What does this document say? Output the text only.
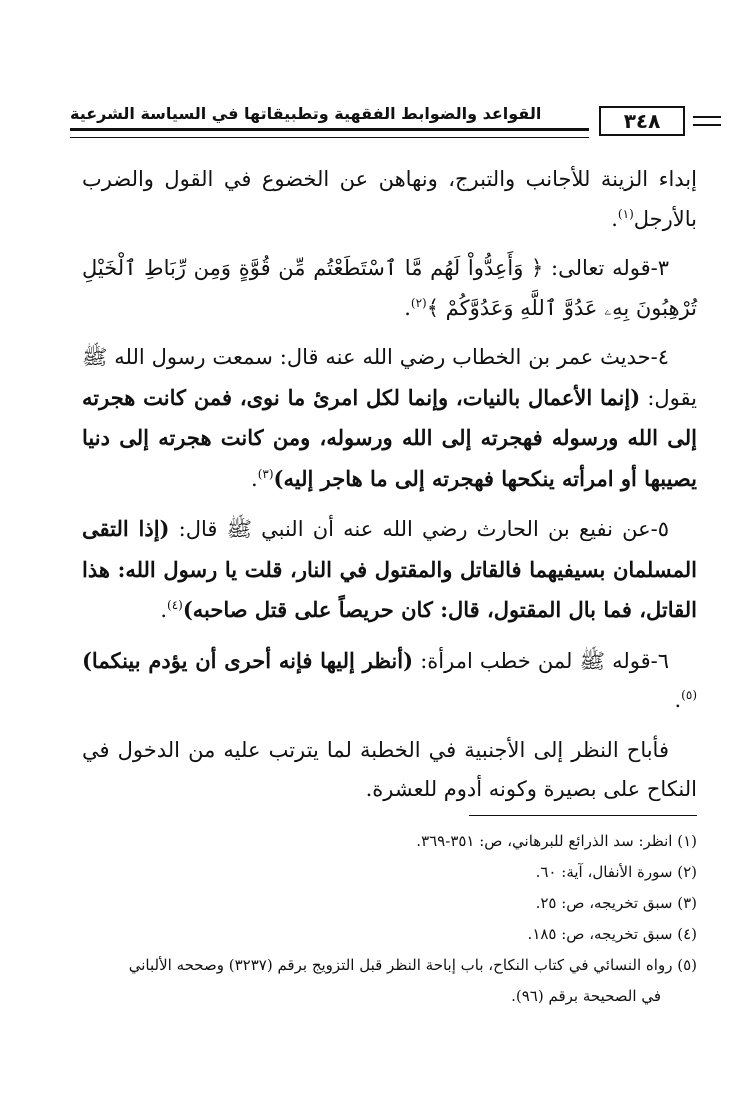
٣٤٨
القواعد والضوابط الفقهية وتطبيقاتها في السياسة الشرعية

إبداء الزينة للأجانب والتبرج، ونهاهن عن الخضوع في القول والضرب بالأرجل$^{(١)}$.

٣-قوله تعالى: ﴿ وَأَعِدُّواْ لَهُم مَّا ٱسْتَطَعْتُم مِّن قُوَّةٍ وَمِن رِّبَاطِ ٱلْخَيْلِ تُرْهِبُونَ بِهِۦ عَدُوَّ ٱللَّهِ وَعَدُوَّكُمْ ﴾$^{(٢)}$.

٤-حديث عمر بن الخطاب رضي الله عنه قال: سمعت رسول الله ﷺ يقول: (إنما الأعمال بالنيات، وإنما لكل امرئ ما نوى، فمن كانت هجرته إلى الله ورسوله فهجرته إلى الله ورسوله، ومن كانت هجرته إلى دنيا يصيبها أو امرأته ينكحها فهجرته إلى ما هاجر إليه)$^{(٣)}$.

٥-عن نفيع بن الحارث رضي الله عنه أن النبي ﷺ قال: (إذا التقى المسلمان بسيفيهما فالقاتل والمقتول في النار، قلت يا رسول الله: هذا القاتل، فما بال المقتول، قال: كان حريصاً على قتل صاحبه)$^{(٤)}$.

٦-قوله ﷺ لمن خطب امرأة: (أنظر إليها فإنه أحرى أن يؤدم بينكما)$^{(٥)}$.

فأباح النظر إلى الأجنبية في الخطبة لما يترتب عليه من الدخول في النكاح على بصيرة وكونه أدوم للعشرة.

(١) انظر: سد الذرائع للبرهاني، ص: ٣٥١-٣٦٩.

(٢) سورة الأنفال، آية: ٦٠.

(٣) سبق تخريجه، ص: ٢٥.

(٤) سبق تخريجه، ص: ١٨٥.

(٥) رواه النسائي في كتاب النكاح، باب إباحة النظر قبل التزويج برقم (٣٢٣٧) وصححه الألباني

في الصحيحة برقم (٩٦).
